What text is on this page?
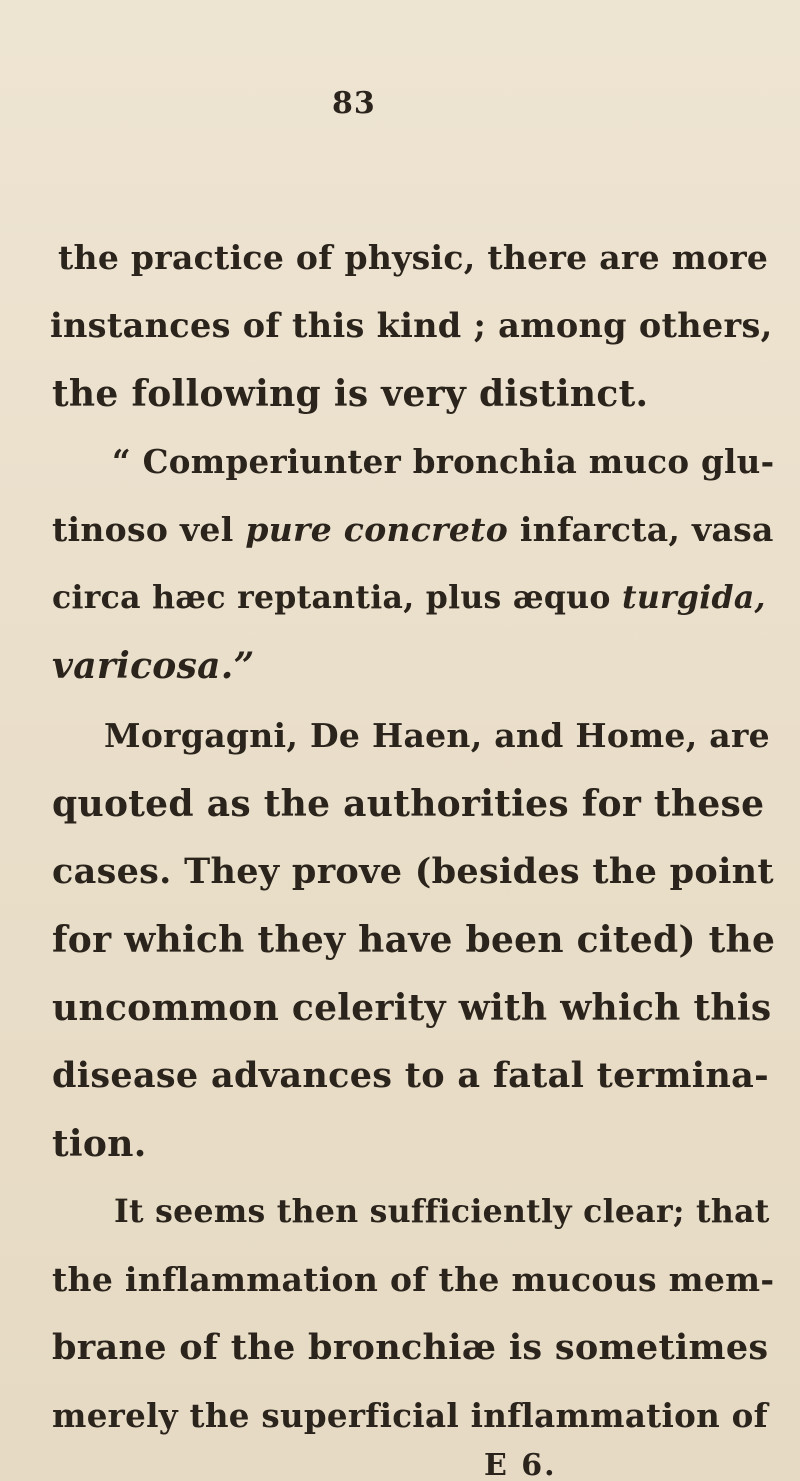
83
the practice of physic, there are more
instances of this kind ; among others,
the following is very distinct.
“ Comperiunter bronchia muco glu-
tinoso vel pure concreto infarcta, vasa
circa hæc reptantia, plus æquo turgida,
varicosa.”
Morgagni, De Haen, and Home, are
quoted as the authorities for these
cases. They prove (besides the point
for which they have been cited) the
uncommon celerity with which this
disease advances to a fatal termina-
tion.
It seems then sufficiently clear; that
the inflammation of the mucous mem-
brane of the bronchiæ is sometimes
merely the superficial inflammation of
E 6.
